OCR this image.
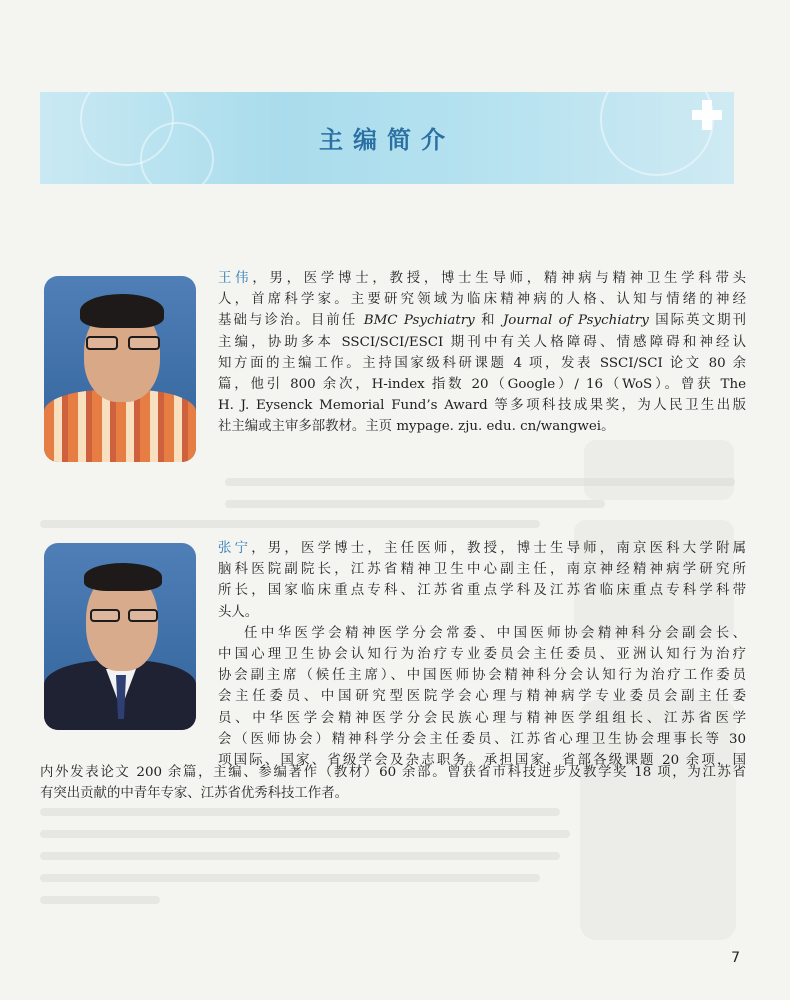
主编简介
王伟，男，医学博士，教授，博士生导师，精神病与精神卫生学科带头
人，首席科学家。主要研究领域为临床精神病的人格、认知与情绪的神经
基础与诊治。目前任 BMC Psychiatry 和 Journal of Psychiatry 国际英文期刊
主编，协助多本 SSCI/SCI/ESCI 期刊中有关人格障碍、情感障碍和神经认
知方面的主编工作。主持国家级科研课题 4 项，发表 SSCI/SCI 论文 80 余
篇，他引 800 余次，H-index 指数 20（Google）/ 16（WoS）。曾获 The
H. J. Eysenck Memorial Fund’s Award 等多项科技成果奖，为人民卫生出版
社主编或主审多部教材。主页 mypage. zju. edu. cn/wangwei。
张宁，男，医学博士，主任医师，教授，博士生导师，南京医科大学附属
脑科医院副院长，江苏省精神卫生中心副主任，南京神经精神病学研究所
所长，国家临床重点专科、江苏省重点学科及江苏省临床重点专科学科带
头人。
任中华医学会精神医学分会常委、中国医师协会精神科分会副会长、
中国心理卫生协会认知行为治疗专业委员会主任委员、亚洲认知行为治疗
协会副主席（候任主席）、中国医师协会精神科分会认知行为治疗工作委员
会主任委员、中国研究型医院学会心理与精神病学专业委员会副主任委
员、中华医学会精神医学分会民族心理与精神医学组组长、江苏省医学
会（医师协会）精神科学分会主任委员、江苏省心理卫生协会理事长等 30
项国际、国家、省级学会及杂志职务。承担国家、省部各级课题 20 余项，国
内外发表论文 200 余篇，主编、参编著作（教材）60 余部。曾获省市科技进步及教学奖 18 项，为江苏省
有突出贡献的中青年专家、江苏省优秀科技工作者。
7
